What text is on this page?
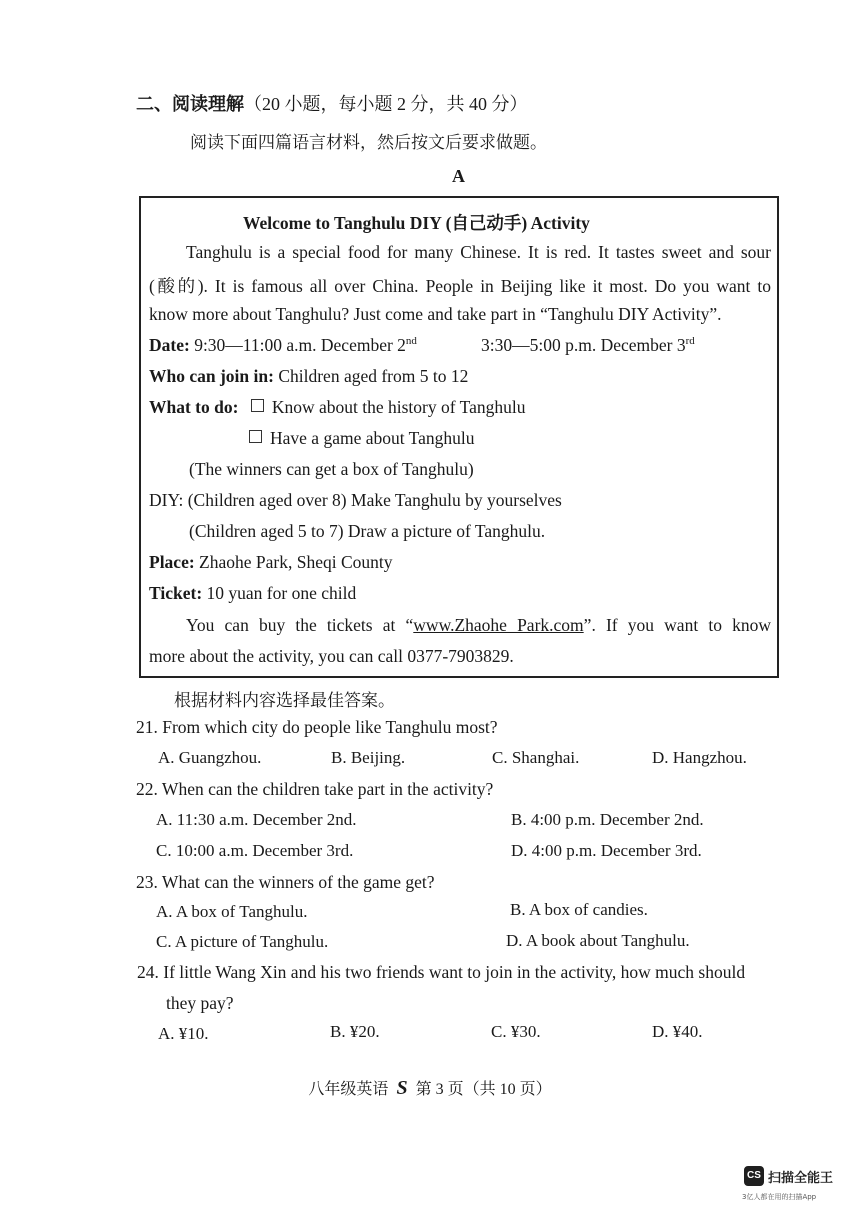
二、阅读理解（20 小题，每小题 2 分，共 40 分）
阅读下面四篇语言材料，然后按文后要求做题。
A
Welcome to Tanghulu DIY (自己动手) Activity
Tanghulu is a special food for many Chinese. It is red. It tastes sweet and sour
(酸的). It is famous all over China. People in Beijing like it most. Do you want to
know more about Tanghulu? Just come and take part in “Tanghulu DIY Activity”.
Date: 9:30—11:00 a.m. December 2nd	3:30—5:00 p.m. December 3rd
Who can join in: Children aged from 5 to 12
What to do: Know about the history of Tanghulu
Have a game about Tanghulu
(The winners can get a box of Tanghulu)
DIY: (Children aged over 8) Make Tanghulu by yourselves
(Children aged 5 to 7) Draw a picture of Tanghulu.
Place: Zhaohe Park, Sheqi County
Ticket: 10 yuan for one child
You can buy the tickets at “www.Zhaohe Park.com”. If you want to know
more about the activity, you can call 0377-7903829.
根据材料内容选择最佳答案。
21. From which city do people like Tanghulu most?
A. Guangzhou.	B. Beijing.	C. Shanghai.	D. Hangzhou.
22. When can the children take part in the activity?
A. 11:30 a.m. December 2nd.	B. 4:00 p.m. December 2nd.
C. 10:00 a.m. December 3rd.	D. 4:00 p.m. December 3rd.
23. What can the winners of the game get?
A. A box of Tanghulu.	B. A box of candies.
C. A picture of Tanghulu.	D. A book about Tanghulu.
24. If little Wang Xin and his two friends want to join in the activity, how much should
they pay?
A. ¥10.	B. ¥20.	C. ¥30.	D. ¥40.
八年级英语 S 第 3 页（共 10 页）
CS 扫描全能王
3亿人都在用的扫描App
